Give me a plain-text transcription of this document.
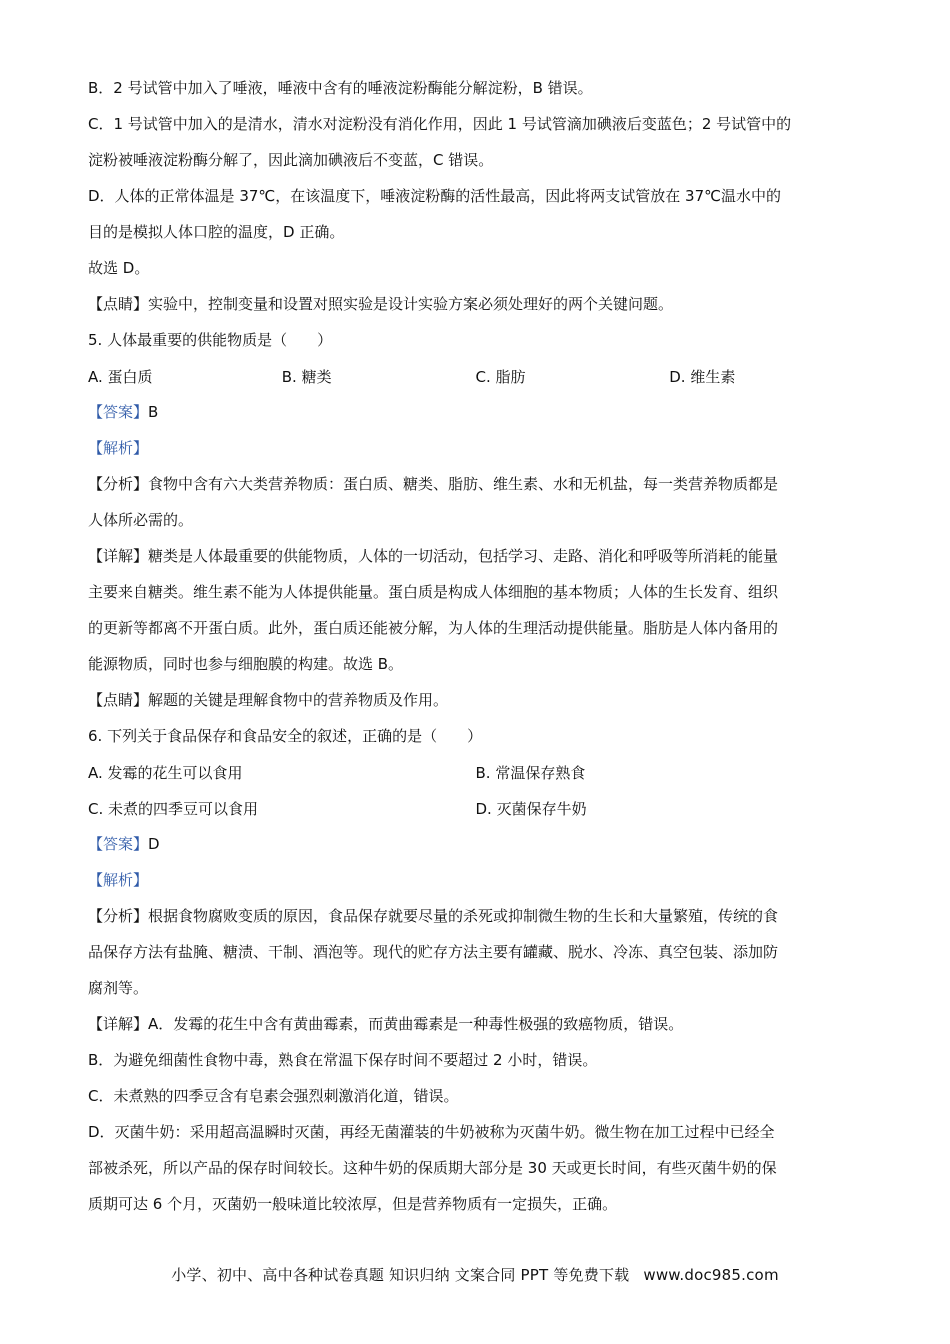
B．2 号试管中加入了唾液，唾液中含有的唾液淀粉酶能分解淀粉，B 错误。

C．1 号试管中加入的是清水，清水对淀粉没有消化作用，因此 1 号试管滴加碘液后变蓝色；2 号试管中的

淀粉被唾液淀粉酶分解了，因此滴加碘液后不变蓝，C 错误。

D．人体的正常体温是 37℃，在该温度下，唾液淀粉酶的活性最高，因此将两支试管放在 37℃温水中的

目的是模拟人体口腔的温度，D 正确。

故选 D。

【点睛】实验中，控制变量和设置对照实验是设计实验方案必须处理好的两个关键问题。

5. 人体最重要的供能物质是（　　）

A. 蛋白质	B. 糖类	C. 脂肪	D. 维生素

【答案】B

【解析】

【分析】食物中含有六大类营养物质：蛋白质、糖类、脂肪、维生素、水和无机盐，每一类营养物质都是

人体所必需的。

【详解】糖类是人体最重要的供能物质，人体的一切活动，包括学习、走路、消化和呼吸等所消耗的能量

主要来自糖类。维生素不能为人体提供能量。蛋白质是构成人体细胞的基本物质；人体的生长发育、组织

的更新等都离不开蛋白质。此外，蛋白质还能被分解，为人体的生理活动提供能量。脂肪是人体内备用的

能源物质，同时也参与细胞膜的构建。故选 B。

【点睛】解题的关键是理解食物中的营养物质及作用。

6. 下列关于食品保存和食品安全的叙述，正确的是（　　）

A. 发霉的花生可以食用	B. 常温保存熟食
C. 未煮的四季豆可以食用	D. 灭菌保存牛奶

【答案】D

【解析】

【分析】根据食物腐败变质的原因，食品保存就要尽量的杀死或抑制微生物的生长和大量繁殖，传统的食

品保存方法有盐腌、糖渍、干制、酒泡等。现代的贮存方法主要有罐藏、脱水、冷冻、真空包装、添加防

腐剂等。

【详解】A．发霉的花生中含有黄曲霉素，而黄曲霉素是一种毒性极强的致癌物质，错误。

B．为避免细菌性食物中毒，熟食在常温下保存时间不要超过 2 小时，错误。

C．未煮熟的四季豆含有皂素会强烈刺激消化道，错误。

D．灭菌牛奶：采用超高温瞬时灭菌，再经无菌灌装的牛奶被称为灭菌牛奶。微生物在加工过程中已经全

部被杀死，所以产品的保存时间较长。这种牛奶的保质期大部分是 30 天或更长时间，有些灭菌牛奶的保

质期可达 6 个月，灭菌奶一般味道比较浓厚，但是营养物质有一定损失，正确。

小学、初中、高中各种试卷真题 知识归纳 文案合同 PPT 等免费下载 www.doc985.com
